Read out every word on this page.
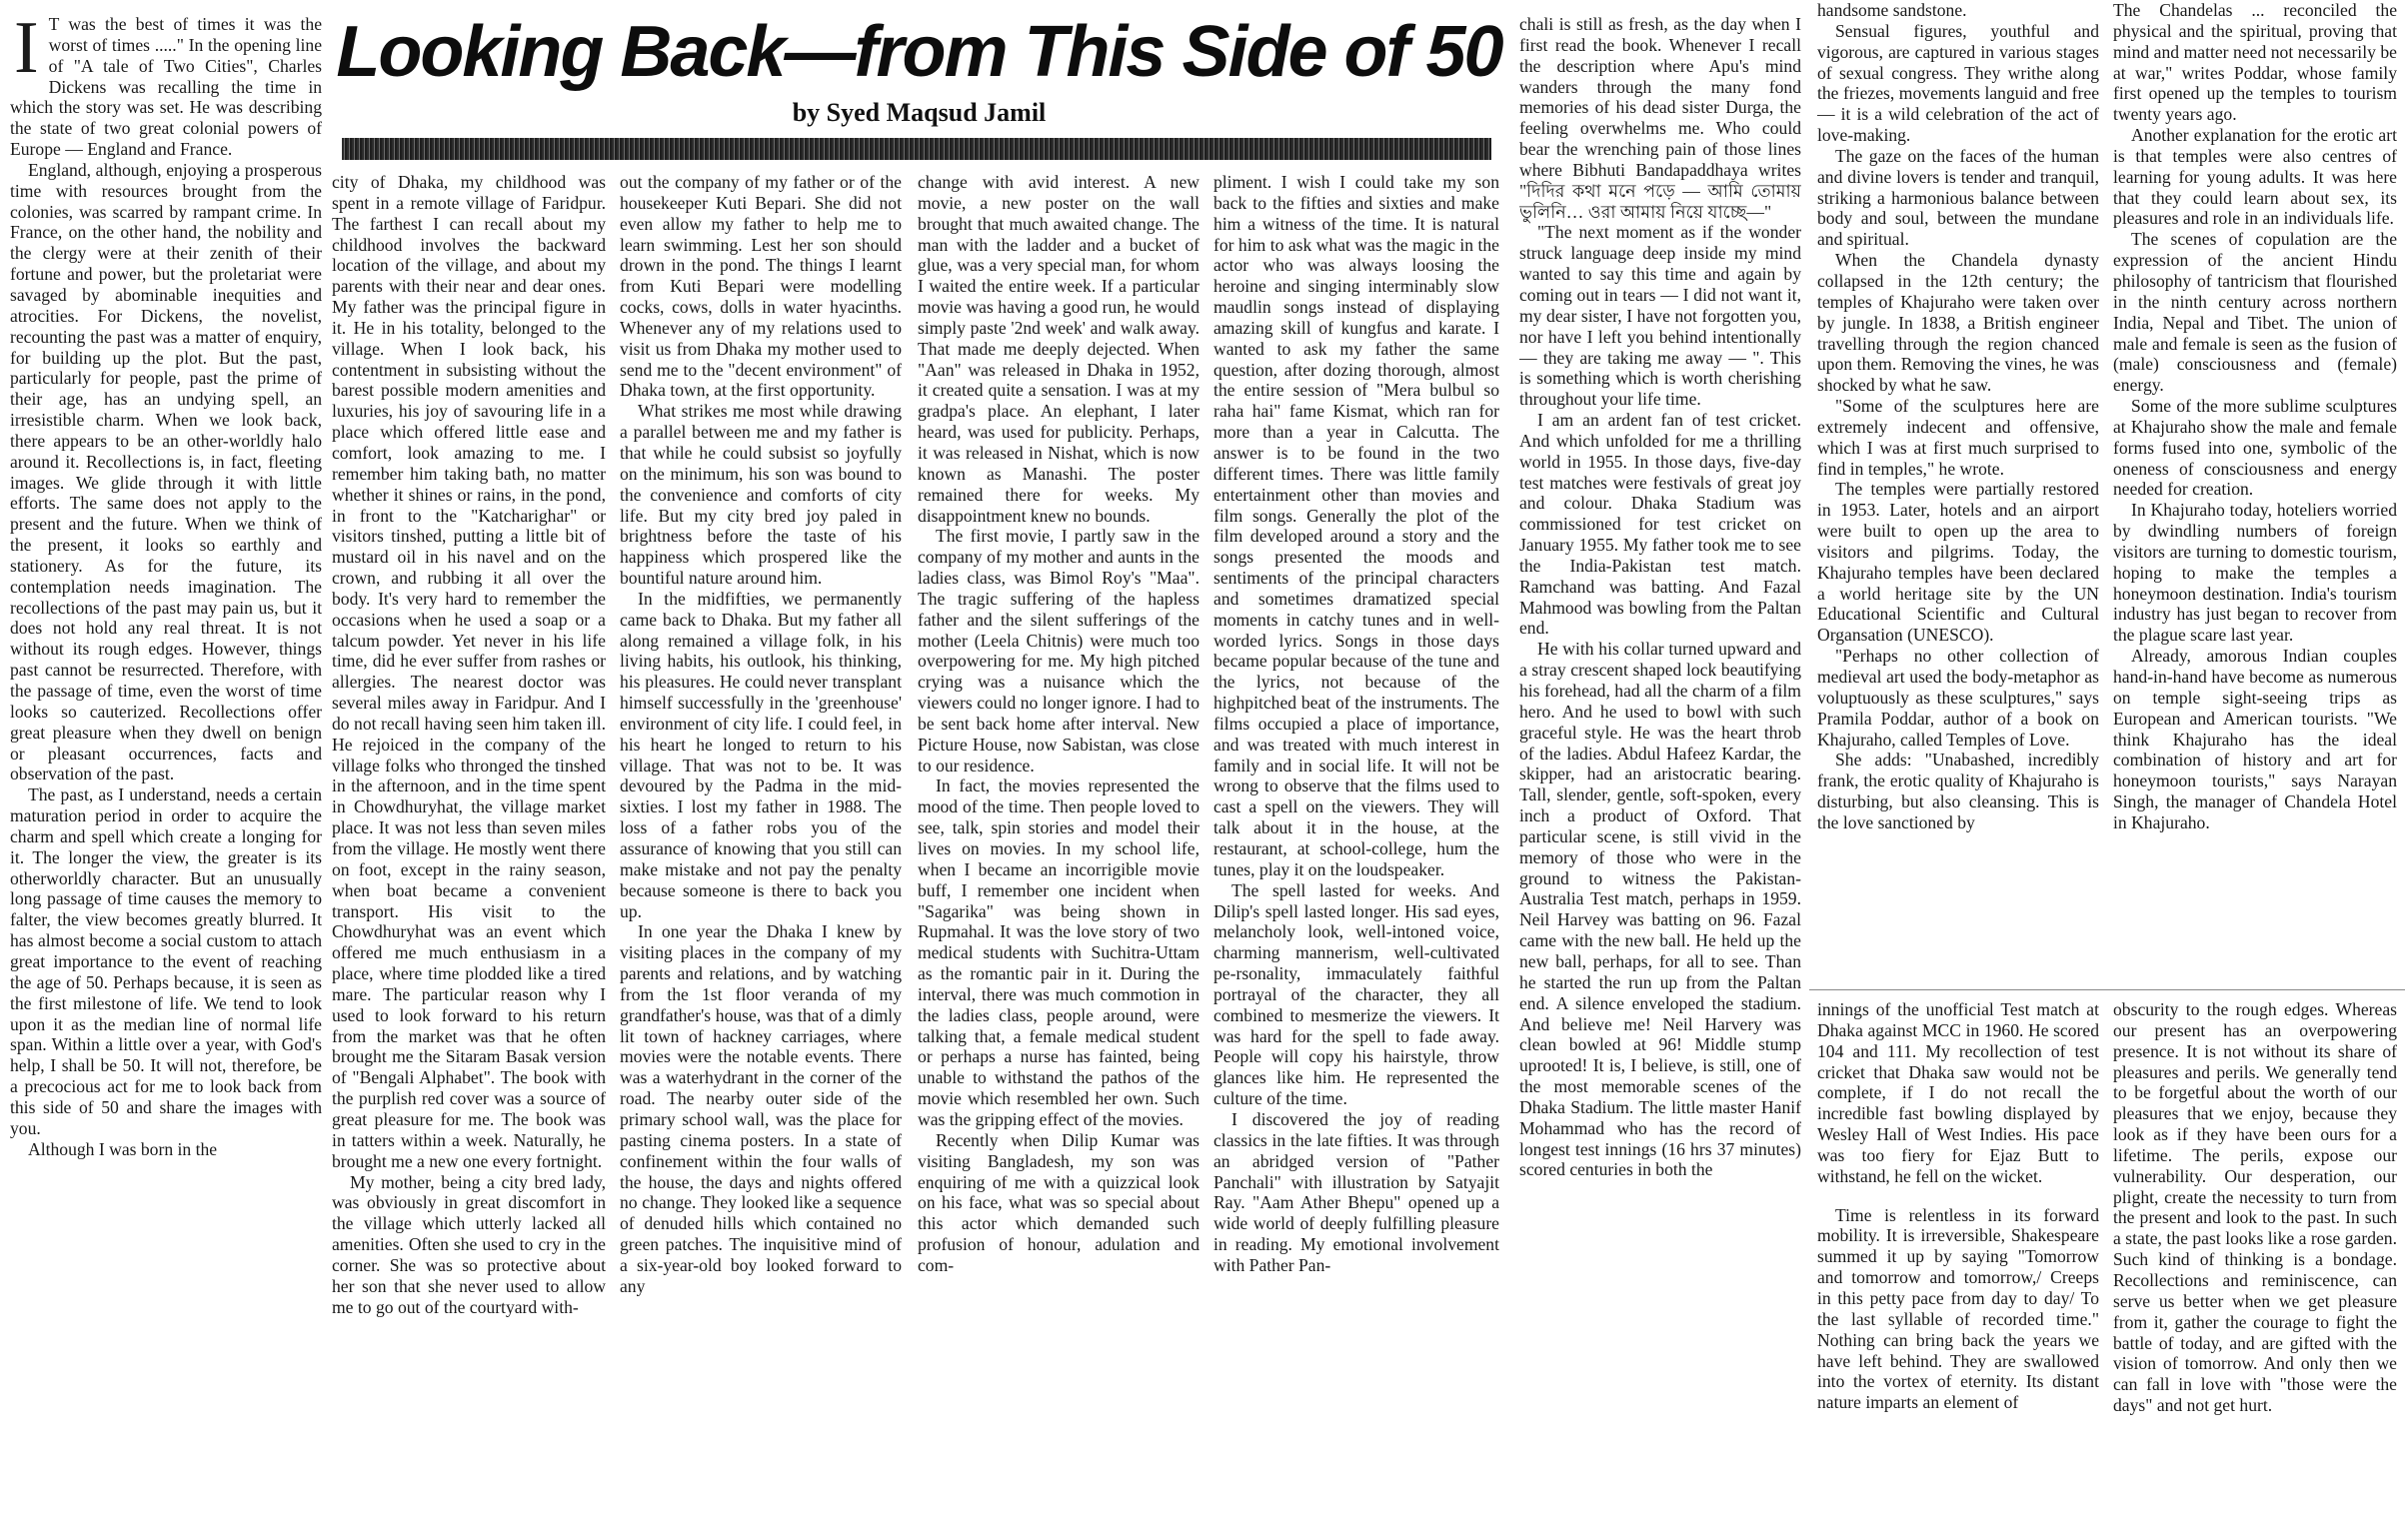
Looking Back—from This Side of 50
by Syed Maqsud Jamil
I T was the best of times it was the worst of times ....." In the opening line of "A tale of Two Cities", Charles Dickens was recalling the time in which the story was set. He was describing the state of two great colonial powers of Europe — England and France.

England, although, enjoying a prosperous time with resources brought from the colonies, was scarred by rampant crime. In France, on the other hand, the nobility and the clergy were at their zenith of their fortune and power, but the proletariat were savaged by abominable inequities and atrocities. For Dickens, the novelist, recounting the past was a matter of enquiry, for building up the plot. But the past, particularly for people, past the prime of their age, has an undying spell, an irresistible charm. When we look back, there appears to be an other-worldly halo around it. Recollections is, in fact, fleeting images. We glide through it with little efforts. The same does not apply to the present and the future. When we think of the present, it looks so earthly and stationery. As for the future, its contemplation needs imagination. The recollections of the past may pain us, but it does not hold any real threat. It is not without its rough edges. However, things past cannot be resurrected. Therefore, with the passage of time, even the worst of time looks so cauterized. Recollections offer great pleasure when they dwell on benign or pleasant occurrences, facts and observation of the past.

The past, as I understand, needs a certain maturation period in order to acquire the charm and spell which create a longing for it. The longer the view, the greater is its otherworldly character. But an unusually long passage of time causes the memory to falter, the view becomes greatly blurred. It has almost become a social custom to attach great importance to the event of reaching the age of 50. Perhaps because, it is seen as the first milestone of life. We tend to look upon it as the median line of normal life span. Within a little over a year, with God's help, I shall be 50. It will not, therefore, be a precocious act for me to look back from this side of 50 and share the images with you.

Although I was born in the

city of Dhaka, my childhood was spent in a remote village of Faridpur. The farthest I can recall about my childhood involves the backward location of the village, and about my parents with their near and dear ones. My father was the principal figure in it. He in his totality, belonged to the village. When I look back, his contentment in subsisting without the barest possible modern amenities and luxuries, his joy of savouring life in a place which offered little ease and comfort, look amazing to me. I remember him taking bath, no matter whether it shines or rains, in the pond, in front to the "Katcharighar" or visitors tinshed, putting a little bit of mustard oil in his navel and on the crown, and rubbing it all over the body. It's very hard to remember the occasions when he used a soap or a talcum powder. Yet never in his life time, did he ever suffer from rashes or allergies. The nearest doctor was several miles away in Faridpur. And I do not recall having seen him taken ill. He rejoiced in the company of the village folks who thronged the tinshed in the afternoon, and in the time spent in Chowdhuryhat, the village market place. It was not less than seven miles from the village. He mostly went there on foot, except in the rainy season, when boat became a convenient transport. His visit to the Chowdhuryhat was an event which offered me much enthusiasm in a place, where time plodded like a tired mare. The particular reason why I used to look forward to his return from the market was that he often brought me the Sitaram Basak version of "Bengali Alphabet". The book with the purplish red cover was a source of great pleasure for me. The book was in tatters within a week. Naturally, he brought me a new one every fortnight.

My mother, being a city bred lady, was obviously in great discomfort in the village which utterly lacked all amenities. Often she used to cry in the corner. She was so protective about her son that she never used to allow me to go out of the courtyard with-

out the company of my father or of the housekeeper Kuti Bepari. She did not even allow my father to help me to learn swimming. Lest her son should drown in the pond. The things I learnt from Kuti Bepari were modelling cocks, cows, dolls in water hyacinths. Whenever any of my relations used to visit us from Dhaka my mother used to send me to the "decent environment" of Dhaka town, at the first opportunity.

What strikes me most while drawing a parallel between me and my father is that while he could subsist so joyfully on the minimum, his son was bound to the convenience and comforts of city life. But my city bred joy paled in brightness before the taste of his happiness which prospered like the bountiful nature around him.

In the midfifties, we permanently came back to Dhaka. But my father all along remained a village folk, in his living habits, his outlook, his thinking, his pleasures. He could never transplant himself successfully in the 'greenhouse' environment of city life. I could feel, in his heart he longed to return to his village. That was not to be. It was devoured by the Padma in the mid-sixties. I lost my father in 1988. The loss of a father robs you of the assurance of knowing that you still can make mistake and not pay the penalty because someone is there to back you up.

In one year the Dhaka I knew by visiting places in the company of my parents and relations, and by watching from the 1st floor veranda of my grandfather's house, was that of a dimly lit town of hackney carriages, where movies were the notable events. There was a waterhydrant in the corner of the road. The nearby outer side of the primary school wall, was the place for pasting cinema posters. In a state of confinement within the four walls of the house, the days and nights offered no change. They looked like a sequence of denuded hills which contained no green patches. The inquisitive mind of a six-year-old boy looked forward to any

change with avid interest. A new movie, a new poster on the wall brought that much awaited change. The man with the ladder and a bucket of glue, was a very special man, for whom I waited the entire week. If a particular movie was having a good run, he would simply paste '2nd week' and walk away. That made me deeply dejected. When "Aan" was released in Dhaka in 1952, it created quite a sensation. I was at my gradpa's place. An elephant, I later heard, was used for publicity. Perhaps, it was released in Nishat, which is now known as Manashi. The poster remained there for weeks. My disappointment knew no bounds.

The first movie, I partly saw in the company of my mother and aunts in the ladies class, was Bimol Roy's "Maa". The tragic suffering of the hapless father and the silent sufferings of the mother (Leela Chitnis) were much too overpowering for me. My high pitched crying was a nuisance which the viewers could no longer ignore. I had to be sent back home after interval. New Picture House, now Sabistan, was close to our residence.

In fact, the movies represented the mood of the time. Then people loved to see, talk, spin stories and model their lives on movies. In my school life, when I became an incorrigible movie buff, I remember one incident when "Sagarika" was being shown in Rupmahal. It was the love story of two medical students with Suchitra-Uttam as the romantic pair in it. During the interval, there was much commotion in the ladies class, people around, were talking that, a female medical student or perhaps a nurse has fainted, being unable to withstand the pathos of the movie which resembled her own. Such was the gripping effect of the movies.

Recently when Dilip Kumar was visiting Bangladesh, my son was enquiring of me with a quizzical look on his face, what was so special about this actor which demanded such profusion of honour, adulation and com-

pliment. I wish I could take my son back to the fifties and sixties and make him a witness of the time. It is natural for him to ask what was the magic in the actor who was always loosing the heroine and singing interminably slow maudlin songs instead of displaying amazing skill of kungfus and karate. I wanted to ask my father the same question, after dozing thorough, almost the entire session of "Mera bulbul so raha hai" fame Kismat, which ran for more than a year in Calcutta. The answer is to be found in the two different times. There was little family entertainment other than movies and film songs. Generally the plot of the film developed around a story and the songs presented the moods and sentiments of the principal characters and sometimes dramatized special moments in catchy tunes and in well-worded lyrics. Songs in those days became popular because of the tune and the lyrics, not because of the highpitched beat of the instruments. The films occupied a place of importance, and was treated with much interest in family and in social life. It will not be wrong to observe that the films used to cast a spell on the viewers. They will talk about it in the house, at the restaurant, at school-college, hum the tunes, play it on the loudspeaker.

The spell lasted for weeks. And Dilip's spell lasted longer. His sad eyes, melancholy look, well-intoned voice, charming mannerism, well-cultivated pe-rsonality, immaculately faithful portrayal of the character, they all combined to mesmerize the viewers. It was hard for the spell to fade away. People will copy his hairstyle, throw glances like him. He represented the culture of the time.

I discovered the joy of reading classics in the late fifties. It was through an abridged version of "Pather Panchali" with illustration by Satyajit Ray. "Aam Ather Bhepu" opened up a wide world of deeply fulfilling pleasure in reading. My emotional involvement with Pather Pan-

chali is still as fresh, as the day when I first read the book. Whenever I recall the description where Apu's mind wanders through the many fond memories of his dead sister Durga, the feeling overwhelms me. Who could bear the wrenching pain of those lines where Bibhuti Bandapaddhaya writes "দিদির কথা মনে পড়ে — আমি তোমায় ভুলিনি… ওরা আমায় নিয়ে যাচ্ছে—"

"The next moment as if the wonder struck language deep inside my mind wanted to say this time and again by coming out in tears — I did not want it, my dear sister, I have not forgotten you, nor have I left you behind intentionally — they are taking me away — ". This is something which is worth cherishing throughout your life time.

I am an ardent fan of test cricket. And which unfolded for me a thrilling world in 1955. In those days, five-day test matches were festivals of great joy and colour. Dhaka Stadium was commissioned for test cricket on January 1955. My father took me to see the India-Pakistan test match. Ramchand was batting. And Fazal Mahmood was bowling from the Paltan end.

He with his collar turned upward and a stray crescent shaped lock beautifying his forehead, had all the charm of a film hero. And he used to bowl with such graceful style. He was the heart throb of the ladies. Abdul Hafeez Kardar, the skipper, had an aristocratic bearing. Tall, slender, gentle, soft-spoken, every inch a product of Oxford. That particular scene, is still vivid in the memory of those who were in the ground to witness the Pakistan-Australia Test match, perhaps in 1959. Neil Harvey was batting on 96. Fazal came with the new ball. He held up the new ball, perhaps, for all to see. Than he started the run up from the Paltan end. A silence enveloped the stadium. And believe me! Neil Harvery was clean bowled at 96! Middle stump uprooted! It is, I believe, is still, one of the most memorable scenes of the Dhaka Stadium. The little master Hanif Mohammad who has the record of longest test innings (16 hrs 37 minutes) scored centuries in both the

handsome sandstone.

Sensual figures, youthful and vigorous, are captured in various stages of sexual congress. They writhe along the friezes, movements languid and free — it is a wild celebration of the act of love-making.

The gaze on the faces of the human and divine lovers is tender and tranquil, striking a harmonious balance between body and soul, between the mundane and spiritual.

When the Chandela dynasty collapsed in the 12th century; the temples of Khajuraho were taken over by jungle. In 1838, a British engineer travelling through the region chanced upon them. Removing the vines, he was shocked by what he saw.

"Some of the sculptures here are extremely indecent and offensive, which I was at first much surprised to find in temples," he wrote.

The temples were partially restored in 1953. Later, hotels and an airport were built to open up the area to visitors and pilgrims. Today, the Khajuraho temples have been declared a world heritage site by the UN Educational Scientific and Cultural Organsation (UNESCO).

"Perhaps no other collection of medieval art used the body-metaphor as voluptuously as these sculptures," says Pramila Poddar, author of a book on Khajuraho, called Temples of Love.

She adds: "Unabashed, incredibly frank, the erotic quality of Khajuraho is disturbing, but also cleansing. This is the love sanctioned by

The Chandelas ... reconciled the physical and the spiritual, proving that mind and matter need not necessarily be at war," writes Poddar, whose family first opened up the temples to tourism twenty years ago.

Another explanation for the erotic art is that temples were also centres of learning for young adults. It was here that they could learn about sex, its pleasures and role in an individuals life.

The scenes of copulation are the expression of the ancient Hindu philosophy of tantricism that flourished in the ninth century across northern India, Nepal and Tibet. The union of male and female is seen as the fusion of (male) consciousness and (female) energy.

Some of the more sublime sculptures at Khajuraho show the male and female forms fused into one, symbolic of the oneness of consciousness and energy needed for creation.

In Khajuraho today, hoteliers worried by dwindling numbers of foreign visitors are turning to domestic tourism, hoping to make the temples a honeymoon destination. India's tourism industry has just began to recover from the plague scare last year.

Already, amorous Indian couples hand-in-hand have become as numerous on temple sight-seeing trips as European and American tourists. "We think Khajuraho has the ideal combination of history and art for honeymoon tourists," says Narayan Singh, the manager of Chandela Hotel in Khajuraho.

innings of the unofficial Test match at Dhaka against MCC in 1960. He scored 104 and 111. My recollection of test cricket that Dhaka saw would not be complete, if I do not recall the incredible fast bowling displayed by Wesley Hall of West Indies. His pace was too fiery for Ejaz Butt to withstand, he fell on the wicket.

Time is relentless in its forward mobility. It is irreversible, Shakespeare summed it up by saying "Tomorrow and tomorrow and tomorrow,/ Creeps in this petty pace from day to day/ To the last syllable of recorded time." Nothing can bring back the years we have left behind. They are swallowed into the vortex of eternity. Its distant nature imparts an element of

obscurity to the rough edges. Whereas our present has an overpowering presence. It is not without its share of pleasures and perils. We generally tend to be forgetful about the worth of our pleasures that we enjoy, because they look as if they have been ours for a lifetime. The perils, expose our vulnerability. Our desperation, our plight, create the necessity to turn from the present and look to the past. In such a state, the past looks like a rose garden. Such kind of thinking is a bondage. Recollections and reminiscence, can serve us better when we get pleasure from it, gather the courage to fight the battle of today, and are gifted with the vision of tomorrow. And only then we can fall in love with "those were the days" and not get hurt.
